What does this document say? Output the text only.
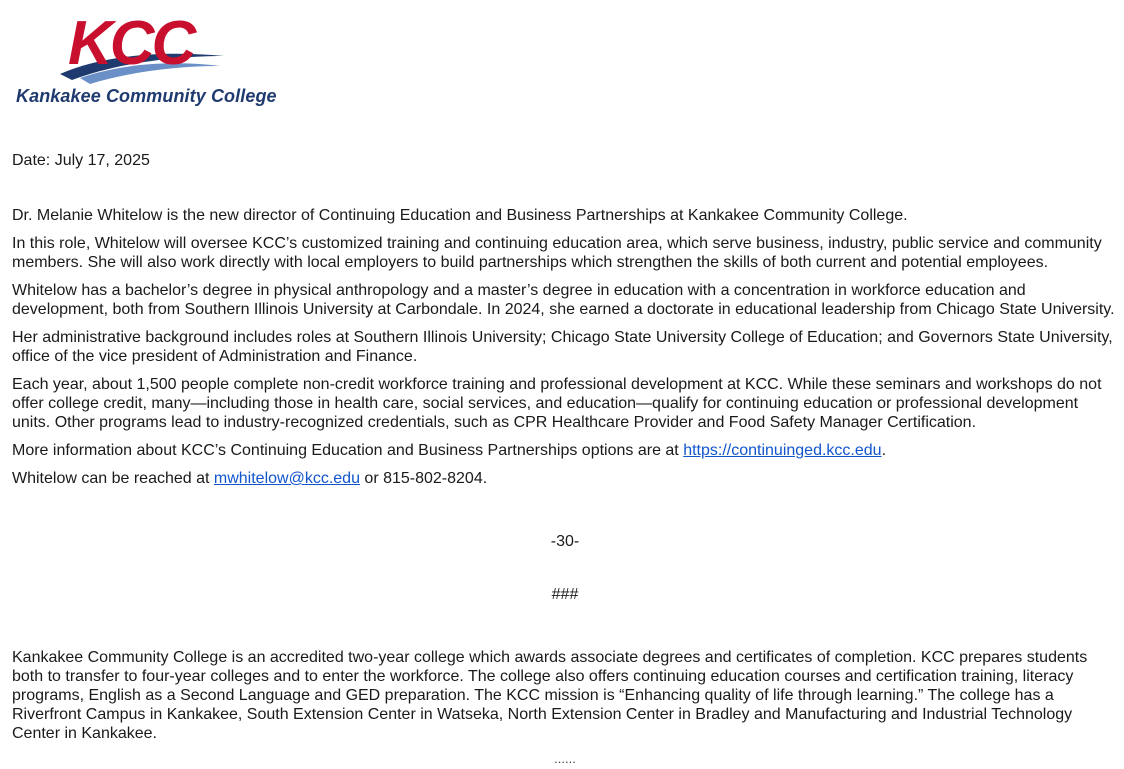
KCC
Kankakee Community College

Date: July 17, 2025

Dr. Melanie Whitelow is the new director of Continuing Education and Business Partnerships at Kankakee Community College.

In this role, Whitelow will oversee KCC’s customized training and continuing education area, which serve business, industry, public service and community members. She will also work directly with local employers to build partnerships which strengthen the skills of both current and potential employees.

Whitelow has a bachelor’s degree in physical anthropology and a master’s degree in education with a concentration in workforce education and development, both from Southern Illinois University at Carbondale. In 2024, she earned a doctorate in educational leadership from Chicago State University.

Her administrative background includes roles at Southern Illinois University; Chicago State University College of Education; and Governors State University, office of the vice president of Administration and Finance.

Each year, about 1,500 people complete non-credit workforce training and professional development at KCC. While these seminars and workshops do not offer college credit, many—including those in health care, social services, and education—qualify for continuing education or professional development units. Other programs lead to industry-recognized credentials, such as CPR Healthcare Provider and Food Safety Manager Certification.

More information about KCC’s Continuing Education and Business Partnerships options are at https://continuinged.kcc.edu.

Whitelow can be reached at mwhitelow@kcc.edu or 815-802-8204.

-30-

###

Kankakee Community College is an accredited two-year college which awards associate degrees and certificates of completion. KCC prepares students both to transfer to four-year colleges and to enter the workforce. The college also offers continuing education courses and certification training, literacy programs, English as a Second Language and GED preparation. The KCC mission is “Enhancing quality of life through learning.” The college has a Riverfront Campus in Kankakee, South Extension Center in Watseka, North Extension Center in Bradley and Manufacturing and Industrial Technology Center in Kankakee.

......
